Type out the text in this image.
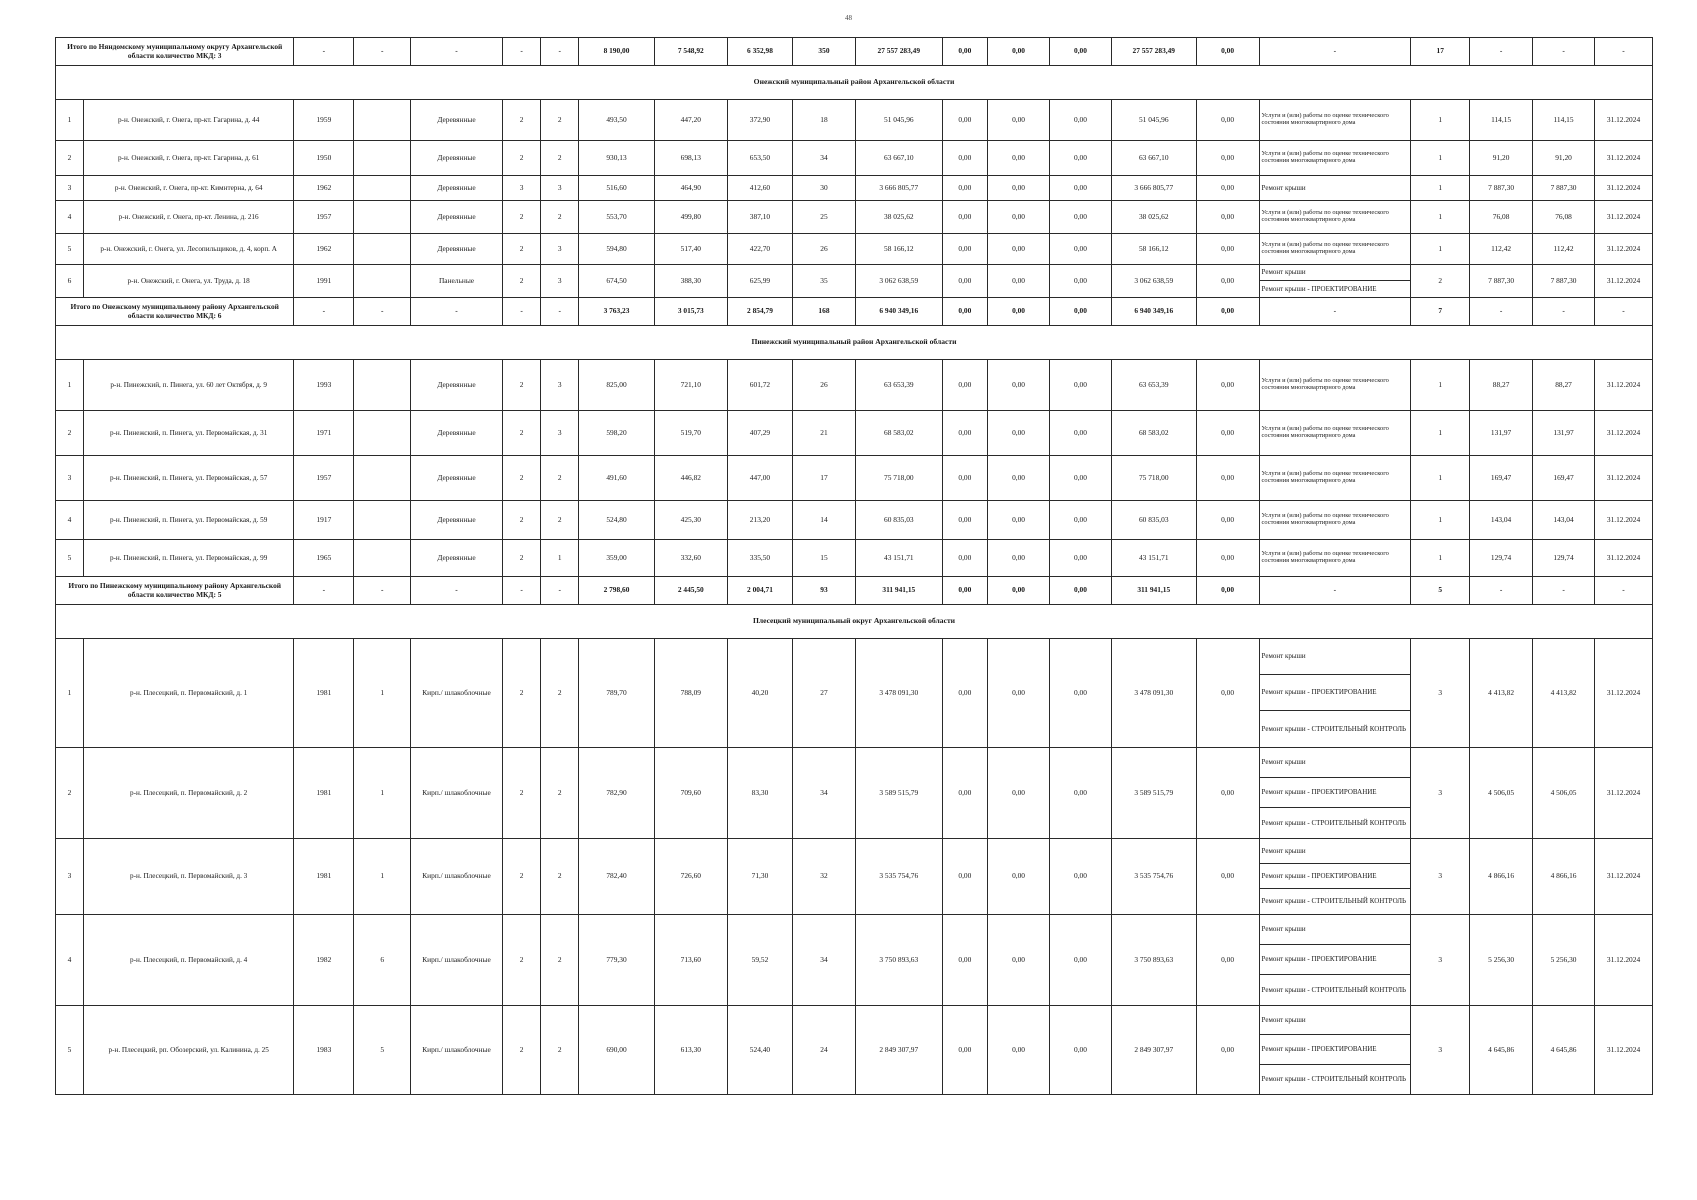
48
Итого по Няндомскому муниципальному округу Архангельской области количество МКД: 3		-	-	-	-	-	8 190,00	7 548,92	6 352,98	350	27 557 283,49	0,00	0,00	0,00	27 557 283,49	0,00	-	17	-	-	-
Онежский муниципальный район Архангельской области																					
1	р-н. Онежский, г. Онега, пр-кт. Гагарина, д. 44	1959		Деревянные	2	2	493,50	447,20	372,90	18	51 045,96	0,00	0,00	0,00	51 045,96	0,00	Услуги и (или) работы по оценке технического состояния многоквартирного дома	1	114,15	114,15	31.12.2024
2	р-н. Онежский, г. Онега, пр-кт. Гагарина, д. 61	1950		Деревянные	2	2	930,13	698,13	653,50	34	63 667,10	0,00	0,00	0,00	63 667,10	0,00	Услуги и (или) работы по оценке технического состояния многоквартирного дома	1	91,20	91,20	31.12.2024
3	р-н. Онежский, г. Онега, пр-кт. Кимнтерна, д. 64	1962		Деревянные	3	3	516,60	464,90	412,60	30	3 666 805,77	0,00	0,00	0,00	3 666 805,77	0,00	Ремонт крыши	1	7 887,30	7 887,30	31.12.2024
4	р-н. Онежский, г. Онега, пр-кт. Ленина, д. 216	1957		Деревянные	2	2	553,70	499,80	387,10	25	38 025,62	0,00	0,00	0,00	38 025,62	0,00	Услуги и (или) работы по оценке технического состояния многоквартирного дома	1	76,08	76,08	31.12.2024
5	р-н. Онежский, г. Онега, ул. Лесопильщиков, д. 4, корп. А	1962		Деревянные	2	3	594,80	517,40	422,70	26	58 166,12	0,00	0,00	0,00	58 166,12	0,00	Услуги и (или) работы по оценке технического состояния многоквартирного дома	1	112,42	112,42	31.12.2024
6	р-н. Онежский, г. Онега, ул. Труда, д. 18	1991		Панельные	2	3	674,50	388,30	625,99	35	3 062 638,59	0,00	0,00	0,00	3 062 638,59	0,00	Ремонт крыши
Ремонт крыши - ПРОЕКТИРОВАНИЕ	2	7 887,30	7 887,30	31.12.2024
Итого по Онежскому муниципальному району Архангельской области количество МКД: 6		-	-	-	-	-	3 763,23	3 015,73	2 854,79	168	6 940 349,16	0,00	0,00	0,00	6 940 349,16	0,00	-	7	-	-	-
Пинежский муниципальный район Архангельской области																					
1	р-н. Пинежский, п. Пинега, ул. 60 лет Октября, д. 9	1993		Деревянные	2	3	825,00	721,10	601,72	26	63 653,39	0,00	0,00	0,00	63 653,39	0,00	Услуги и (или) работы по оценке технического состояния многоквартирного дома	1	88,27	88,27	31.12.2024
2	р-н. Пинежский, п. Пинега, ул. Первомайская, д. 31	1971		Деревянные	2	3	598,20	519,70	407,29	21	68 583,02	0,00	0,00	0,00	68 583,02	0,00	Услуги и (или) работы по оценке технического состояния многоквартирного дома	1	131,97	131,97	31.12.2024
3	р-н. Пинежский, п. Пинега, ул. Первомайская, д. 57	1957		Деревянные	2	2	491,60	446,82	447,00	17	75 718,00	0,00	0,00	0,00	75 718,00	0,00	Услуги и (или) работы по оценке технического состояния многоквартирного дома	1	169,47	169,47	31.12.2024
4	р-н. Пинежский, п. Пинега, ул. Первомайская, д. 59	1917		Деревянные	2	2	524,80	425,30	213,20	14	60 835,03	0,00	0,00	0,00	60 835,03	0,00	Услуги и (или) работы по оценке технического состояния многоквартирного дома	1	143,04	143,04	31.12.2024
5	р-н. Пинежский, п. Пинега, ул. Первомайская, д. 99	1965		Деревянные	2	1	359,00	332,60	335,50	15	43 151,71	0,00	0,00	0,00	43 151,71	0,00	Услуги и (или) работы по оценке технического состояния многоквартирного дома	1	129,74	129,74	31.12.2024
Итого по Пинежскому муниципальному району Архангельской области количество МКД: 5		-	-	-	-	-	2 798,60	2 445,50	2 004,71	93	311 941,15	0,00	0,00	0,00	311 941,15	0,00	-	5	-	-	-
Плесецкий муниципальный округ Архангельской области																					
1	р-н. Плесецкий, п. Первомайский, д. 1	1981	1	Кирп./ шлакоблочные	2	2	789,70	788,09	40,20	27	3 478 091,30	0,00	0,00	0,00	3 478 091,30	0,00	Ремонт крыши
Ремонт крыши - ПРОЕКТИРОВАНИЕ
Ремонт крыши - СТРОИТЕЛЬНЫЙ КОНТРОЛЬ	3	4 413,82	4 413,82	31.12.2024
2	р-н. Плесецкий, п. Первомайский, д. 2	1981	1	Кирп./ шлакоблочные	2	2	782,90	709,60	83,30	34	3 589 515,79	0,00	0,00	0,00	3 589 515,79	0,00	Ремонт крыши
Ремонт крыши - ПРОЕКТИРОВАНИЕ
Ремонт крыши - СТРОИТЕЛЬНЫЙ КОНТРОЛЬ	3	4 506,05	4 506,05	31.12.2024
3	р-н. Плесецкий, п. Первомайский, д. 3	1981	1	Кирп./ шлакоблочные	2	2	782,40	726,60	71,30	32	3 535 754,76	0,00	0,00	0,00	3 535 754,76	0,00	Ремонт крыши
Ремонт крыши - ПРОЕКТИРОВАНИЕ
Ремонт крыши - СТРОИТЕЛЬНЫЙ КОНТРОЛЬ	3	4 866,16	4 866,16	31.12.2024
4	р-н. Плесецкий, п. Первомайский, д. 4	1982	6	Кирп./ шлакоблочные	2	2	779,30	713,60	59,52	34	3 750 893,63	0,00	0,00	0,00	3 750 893,63	0,00	Ремонт крыши
Ремонт крыши - ПРОЕКТИРОВАНИЕ
Ремонт крыши - СТРОИТЕЛЬНЫЙ КОНТРОЛЬ	3	5 256,30	5 256,30	31.12.2024
5	р-н. Плесецкий, рп. Обозерский, ул. Калинина, д. 25	1983	5	Кирп./ шлакоблочные	2	2	690,00	613,30	524,40	24	2 849 307,97	0,00	0,00	0,00	2 849 307,97	0,00	Ремонт крыши
Ремонт крыши - ПРОЕКТИРОВАНИЕ
Ремонт крыши - СТРОИТЕЛЬНЫЙ КОНТРОЛЬ	3	4 645,86	4 645,86	31.12.2024
